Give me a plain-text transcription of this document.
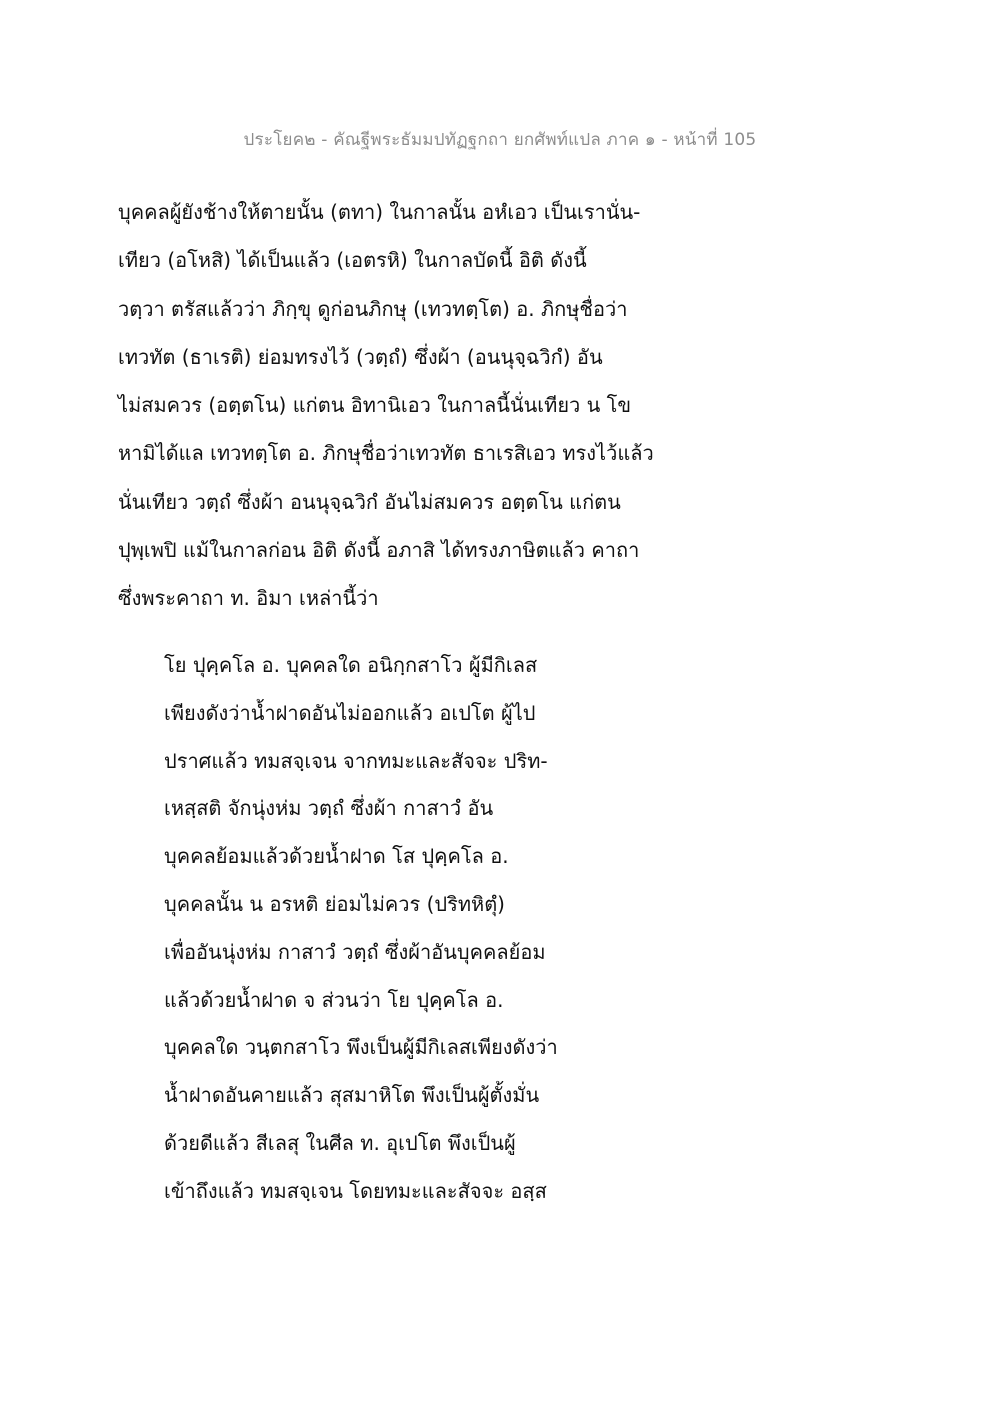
ประโยค๒ - คัณฐีพระธัมมปทัฏฐกถา ยกศัพท์แปล ภาค ๑ - หน้าที่ 105
บุคคลผู้ยังช้างให้ตายนั้น (ตทา) ในกาลนั้น อหํเอว เป็นเรานั่น-
เทียว (อโหสิ) ได้เป็นแล้ว (เอตรหิ) ในกาลบัดนี้ อิติ ดังนี้
วตฺวา ตรัสแล้วว่า ภิกฺขุ ดูก่อนภิกษุ (เทวทตฺโต) อ. ภิกษุชื่อว่า
เทวทัต (ธาเรติ) ย่อมทรงไว้ (วตฺถํ) ซึ่งผ้า (อนนุจฺฉวิกํ) อัน
ไม่สมควร (อตฺตโน) แก่ตน อิทานิเอว ในกาลนี้นั่นเทียว น โข
หามิได้แล เทวทตฺโต อ. ภิกษุชื่อว่าเทวทัต ธาเรสิเอว ทรงไว้แล้ว
นั่นเทียว วตฺถํ ซึ่งผ้า อนนุจฺฉวิกํ อันไม่สมควร อตฺตโน แก่ตน
ปุพฺเพปิ แม้ในกาลก่อน อิติ ดังนี้ อภาสิ ได้ทรงภาษิตแล้ว คาถา
ซึ่งพระคาถา ท. อิมา เหล่านี้ว่า
โย ปุคฺคโล อ. บุคคลใด อนิกฺกสาโว ผู้มีกิเลส
เพียงดังว่าน้ำฝาดอันไม่ออกแล้ว อเปโต ผู้ไป
ปราศแล้ว ทมสจฺเจน จากทมะและสัจจะ ปริท-
เหสฺสติ จักนุ่งห่ม วตฺถํ ซึ่งผ้า กาสาวํ อัน
บุคคลย้อมแล้วด้วยน้ำฝาด โส ปุคฺคโล อ.
บุคคลนั้น น อรหติ ย่อมไม่ควร (ปริทหิตุํ)
เพื่ออันนุ่งห่ม กาสาวํ วตฺถํ ซึ่งผ้าอันบุคคลย้อม
แล้วด้วยน้ำฝาด จ ส่วนว่า โย ปุคฺคโล อ.
บุคคลใด วนฺตกสาโว พึงเป็นผู้มีกิเลสเพียงดังว่า
น้ำฝาดอันคายแล้ว สุสมาหิโต พึงเป็นผู้ตั้งมั่น
ด้วยดีแล้ว สีเลสุ ในศีล ท. อุเปโต พึงเป็นผู้
เข้าถึงแล้ว ทมสจฺเจน โดยทมะและสัจจะ อสฺส
